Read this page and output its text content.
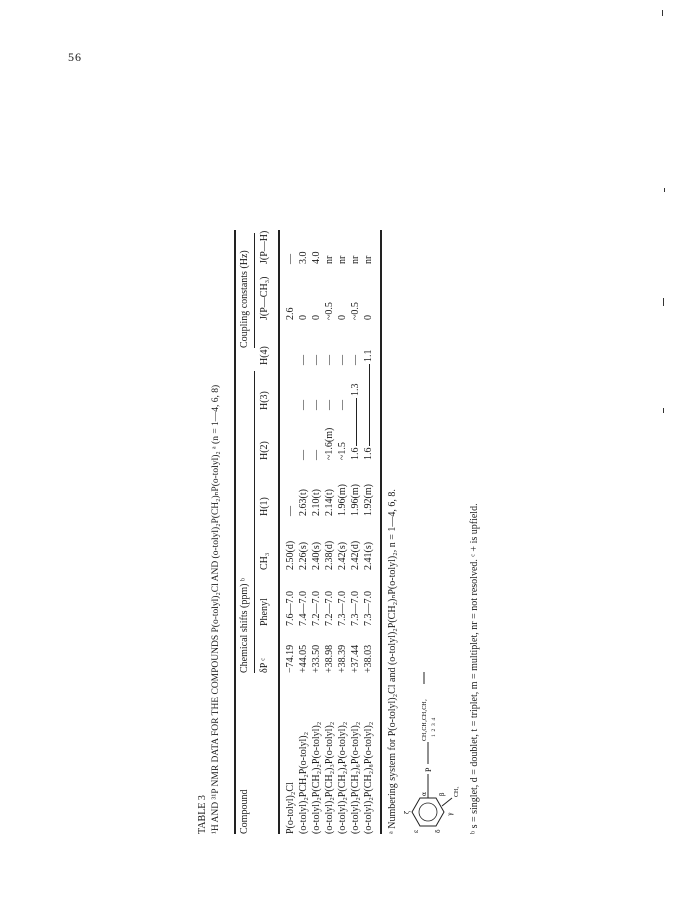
56
TABLE 3 ¹H AND ³¹P NMR DATA FOR THE COMPOUNDS P(o-tolyl)₂Cl AND (o-tolyl)₂P(CH₂)ₙP(o-tolyl)₂ ᵃ (n = 1—4, 6, 8) Compound
Chemical shifts (ppm) ᵇ
Coupling constants (Hz)
δP ᶜ
Phenyl
CH₃
H(1)
H(2)
H(3)
H(4)
J(P—CH₃)
J(P—H)
P(o-tolyl)₂Cl
−74.19
7.6—7.0
2.50(d)
—
2.6
—
(o-tolyl)₂PCH₂P(o-tolyl)₂
+44.05
7.4—7.0
2.26(s)
2.63(t)
—
—
—
0
3.0
(o-tolyl)₂P(CH₂)₂P(o-tolyl)₂
+33.50
7.2—7.0
2.40(s)
2.10(t)
—
—
—
0
4.0
(o-tolyl)₂P(CH₂)₃P(o-tolyl)₂
+38.98
7.2—7.0
2.38(d)
2.14(t)
~1.6(m)
—
—
~0.5
nr
(o-tolyl)₂P(CH₂)₄P(o-tolyl)₂
+38.39
7.3—7.0
2.42(s)
1.96(m)
~1.5
—
—
0
nr
(o-tolyl)₂P(CH₂)₆P(o-tolyl)₂
+37.44
7.3—7.0
2.42(d)
1.96(m)
1.6
1.3
—
~0.5
nr
(o-tolyl)₂P(CH₂)₈P(o-tolyl)₂
+38.03
7.3—7.0
2.41(s)
1.92(m)
1.6
1.1
0
nr
ᵃ Numbering system for P(o-tolyl)₂Cl and (o-tolyl)₂P(CH₂)ₙP(o-tolyl)₂, n = 1—4, 6, 8.	P
CH₂CH₂CH₂CH₂ 1  2  3  4
CH₃
α β
γ
δ
ε
ζ	ᵇ s = singlet, d = doublet, t = triplet, m = multiplet, nr = not resolved. ᶜ + is upfield.
